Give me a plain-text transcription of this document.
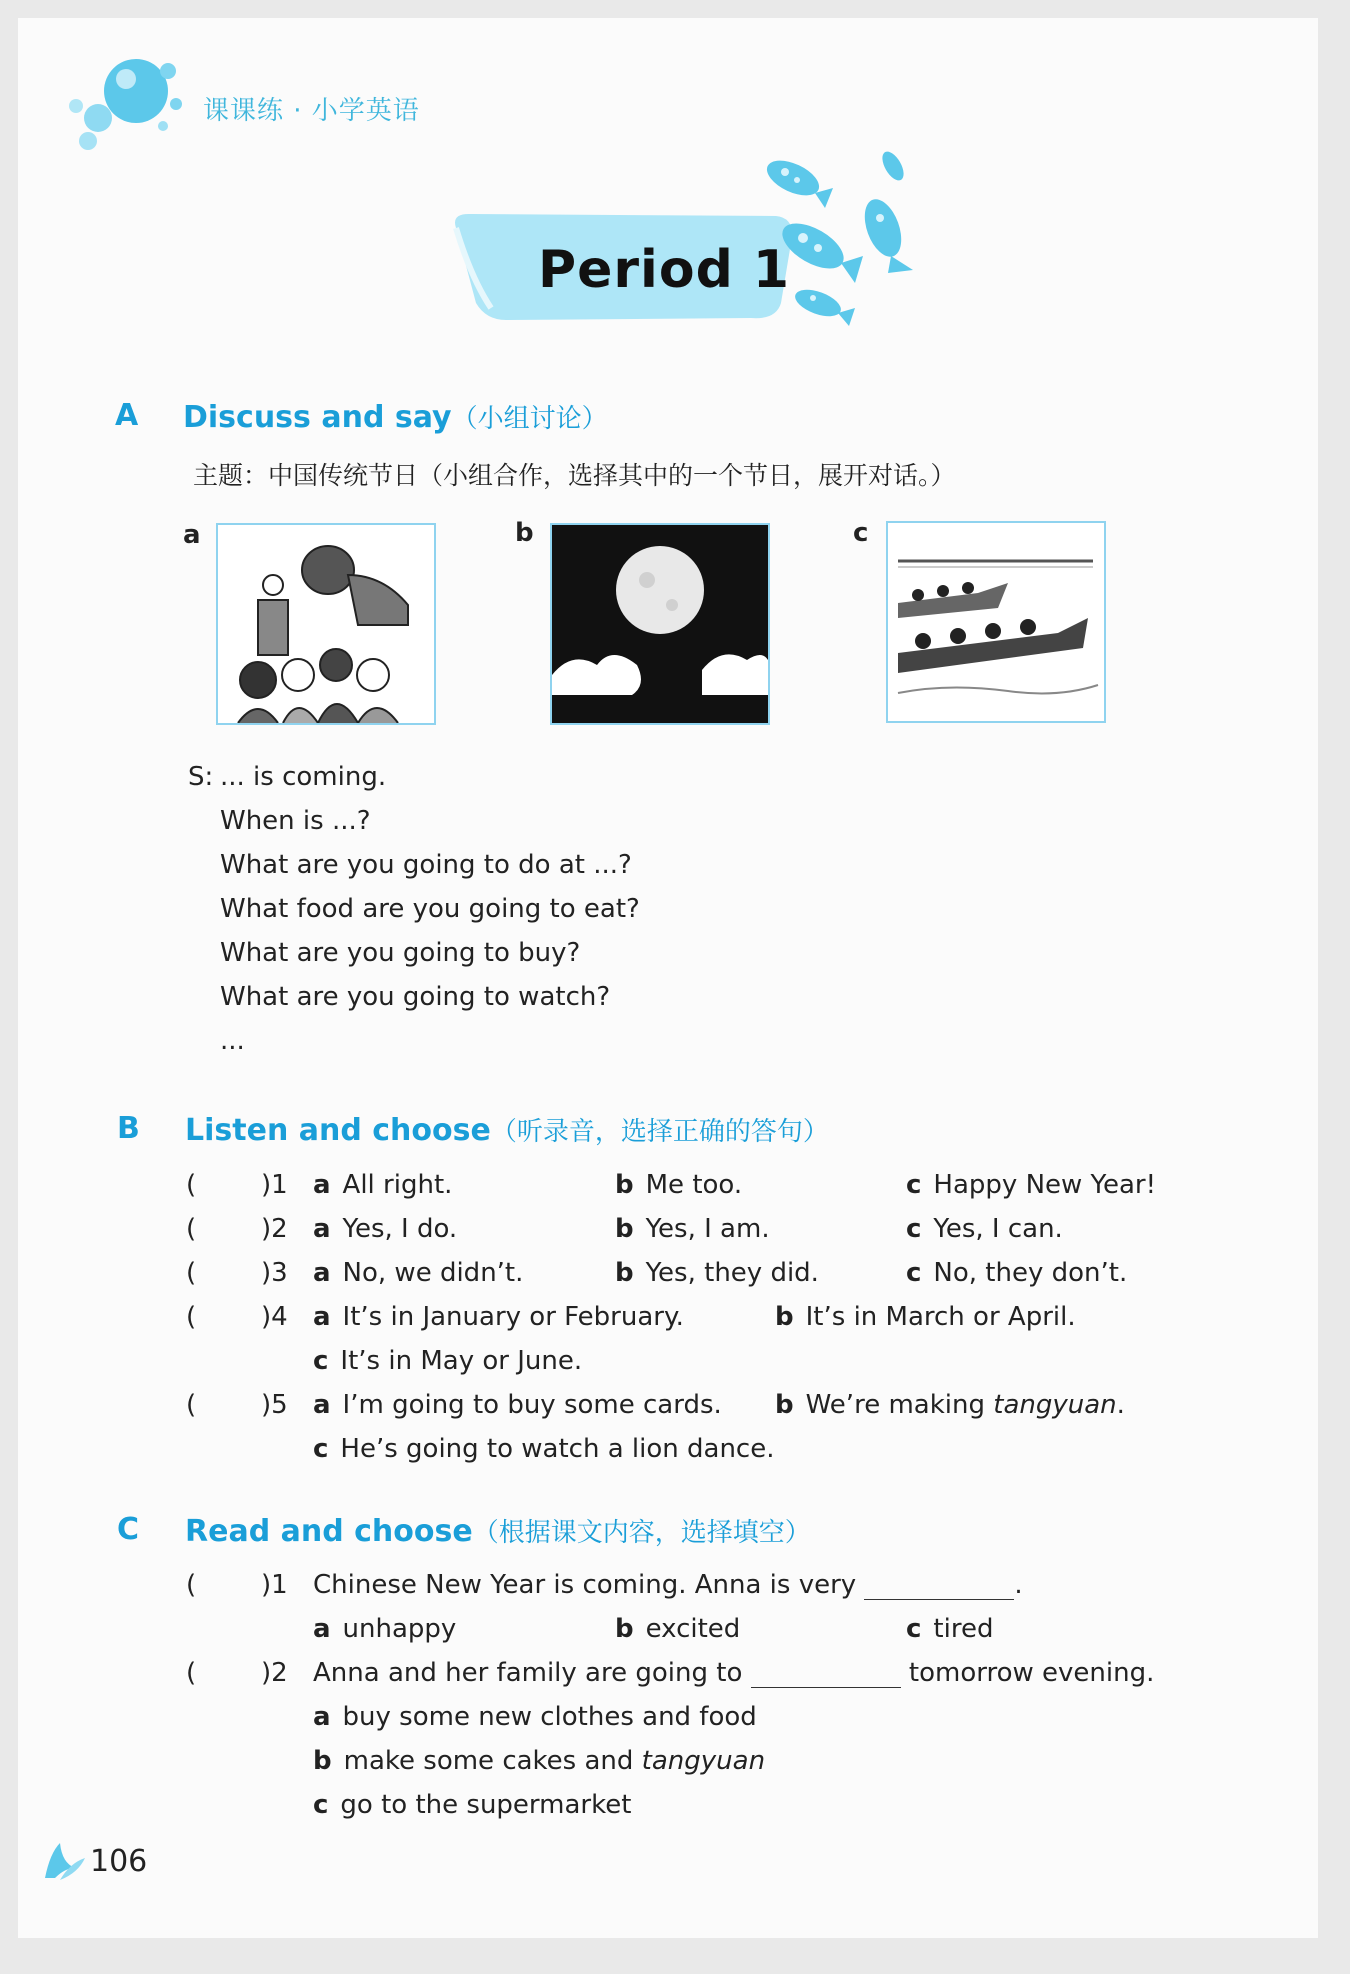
课课练 · 小学英语
Period 1
A Discuss and say（小组讨论）
主题：中国传统节日（小组合作，选择其中的一个节日，展开对话。）
a	b	c
S: ... is coming.
When is ...?
What are you going to do at ...?
What food are you going to eat?
What are you going to buy?
What are you going to watch?
...
B Listen and choose（听录音，选择正确的答句）
( )1 a All right.	b Me too.	c Happy New Year!
( )2 a Yes, I do.	b Yes, I am.	c Yes, I can.
( )3 a No, we didn’t.	b Yes, they did.	c No, they don’t.
( )4 a It’s in January or February.	b It’s in March or April.
c It’s in May or June.
( )5 a I’m going to buy some cards. b We’re making tangyuan.
c He’s going to watch a lion dance.
C Read and choose（根据课文内容，选择填空）
( )1 Chinese New Year is coming. Anna is very	.
a unhappy	b excited	c tired
( )2 Anna and her family are going to	tomorrow evening.
a buy some new clothes and food
b make some cakes and tangyuan
c go to the supermarket
106
